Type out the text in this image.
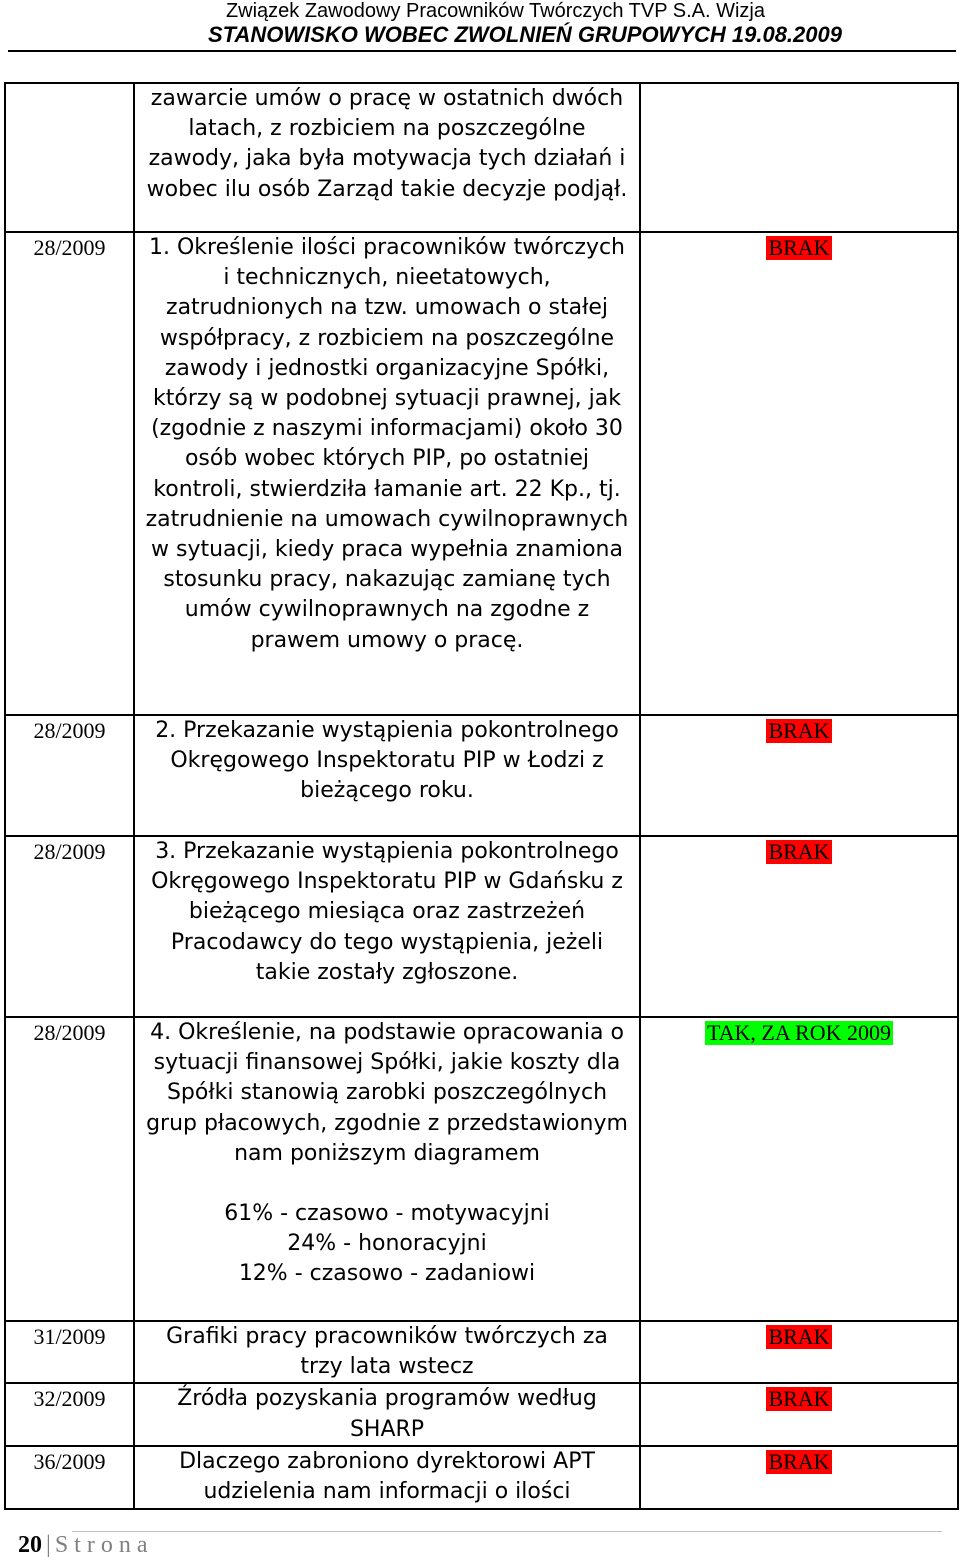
Związek Zawodowy Pracowników Twórczych TVP S.A. Wizja
STANOWISKO WOBEC ZWOLNIEŃ GRUPOWYCH 19.08.2009

	zawarcie umów o pracę w ostatnich dwóch latach, z rozbiciem na poszczególne zawody, jaka była motywacja tych działań i wobec ilu osób Zarząd takie decyzje podjął.	

28/2009	1. Określenie ilości pracowników twórczych i technicznych, nieetatowych, zatrudnionych na tzw. umowach o stałej współpracy, z rozbiciem na poszczególne zawody i jednostki organizacyjne Spółki, którzy są w podobnej sytuacji prawnej, jak (zgodnie z naszymi informacjami) około 30 osób wobec których PIP, po ostatniej kontroli, stwierdziła łamanie art. 22 Kp., tj. zatrudnienie na umowach cywilnoprawnych w sytuacji, kiedy praca wypełnia znamiona stosunku pracy, nakazując zamianę tych umów cywilnoprawnych na zgodne z prawem umowy o pracę.	BRAK
28/2009	2. Przekazanie wystąpienia pokontrolnego Okręgowego Inspektoratu PIP w Łodzi z bieżącego roku.	BRAK
28/2009	3. Przekazanie wystąpienia pokontrolnego Okręgowego Inspektoratu PIP w Gdańsku z bieżącego miesiąca oraz zastrzeżeń Pracodawcy do tego wystąpienia, jeżeli takie zostały zgłoszone.	BRAK
28/2009	4. Określenie, na podstawie opracowania o sytuacji finansowej Spółki, jakie koszty dla Spółki stanowią zarobki poszczególnych grup płacowych, zgodnie z przedstawionym nam poniższym diagramem
61% - czasowo - motywacyjni
24% - honoracyjni
12% - czasowo - zadaniowi	TAK, ZA ROK 2009
31/2009	Grafiki pracy pracowników twórczych za trzy lata wstecz	BRAK
32/2009	Źródła pozyskania programów według SHARP	BRAK
36/2009	Dlaczego zabroniono dyrektorowi APT udzielenia nam informacji o ilości	BRAK
20 | Strona
